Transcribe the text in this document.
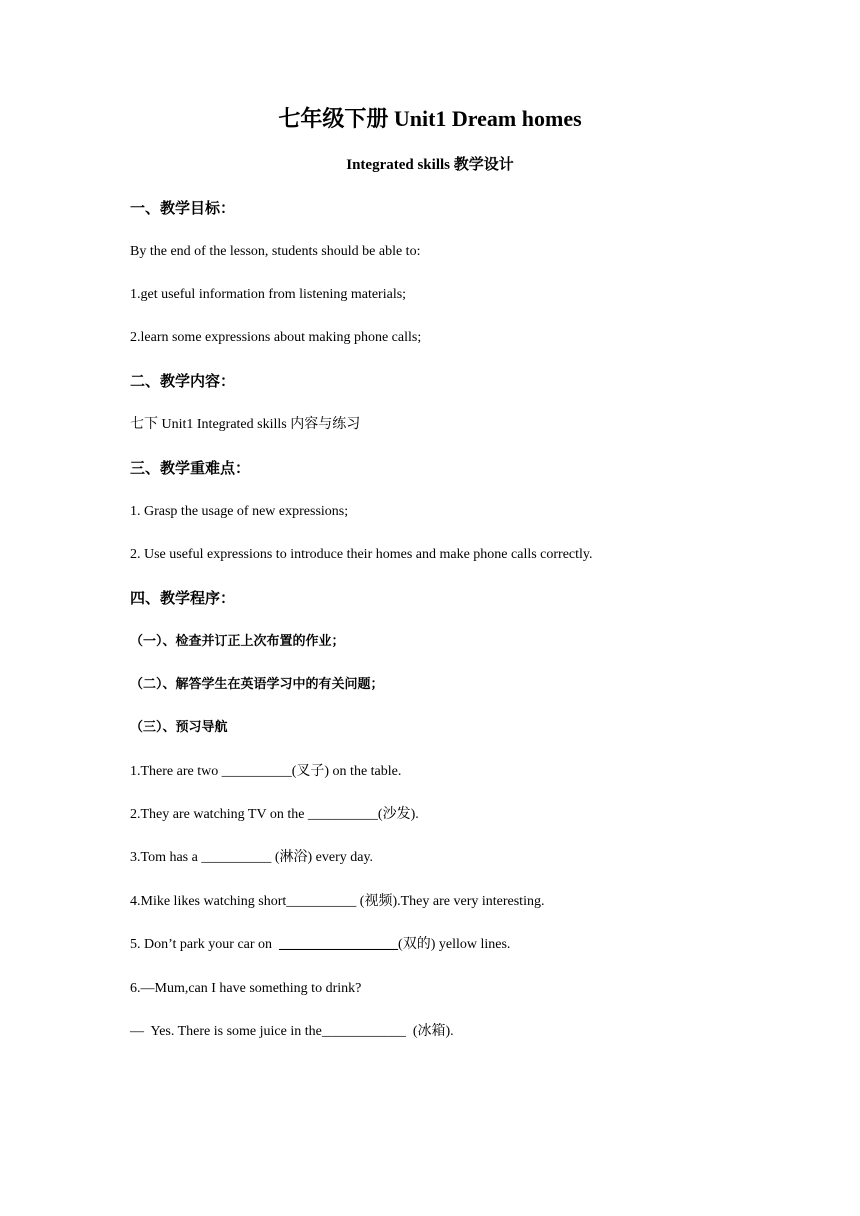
七年级下册 Unit1 Dream homes
Integrated skills 教学设计
一、教学目标：
By the end of the lesson, students should be able to:
1.get useful information from listening materials;
2.learn some expressions about making phone calls;
二、教学内容：
七下 Unit1 Integrated skills 内容与练习
三、教学重难点：
1. Grasp the usage of new expressions;
2. Use useful expressions to introduce their homes and make phone calls correctly.
四、教学程序：
（一）、检查并订正上次布置的作业；
（二）、解答学生在英语学习中的有关问题；
（三）、预习导航
1.There are two __________(叉子) on the table.
2.They are watching TV on the __________(沙发).
3.Tom has a __________ (淋浴) every day.
4.Mike likes watching short__________ (视频).They are very interesting.
5. Don’t park your car on  _________________(双的) yellow lines.
6.—Mum,can I have something to drink?
—  Yes. There is some juice in the____________  (冰箱).
